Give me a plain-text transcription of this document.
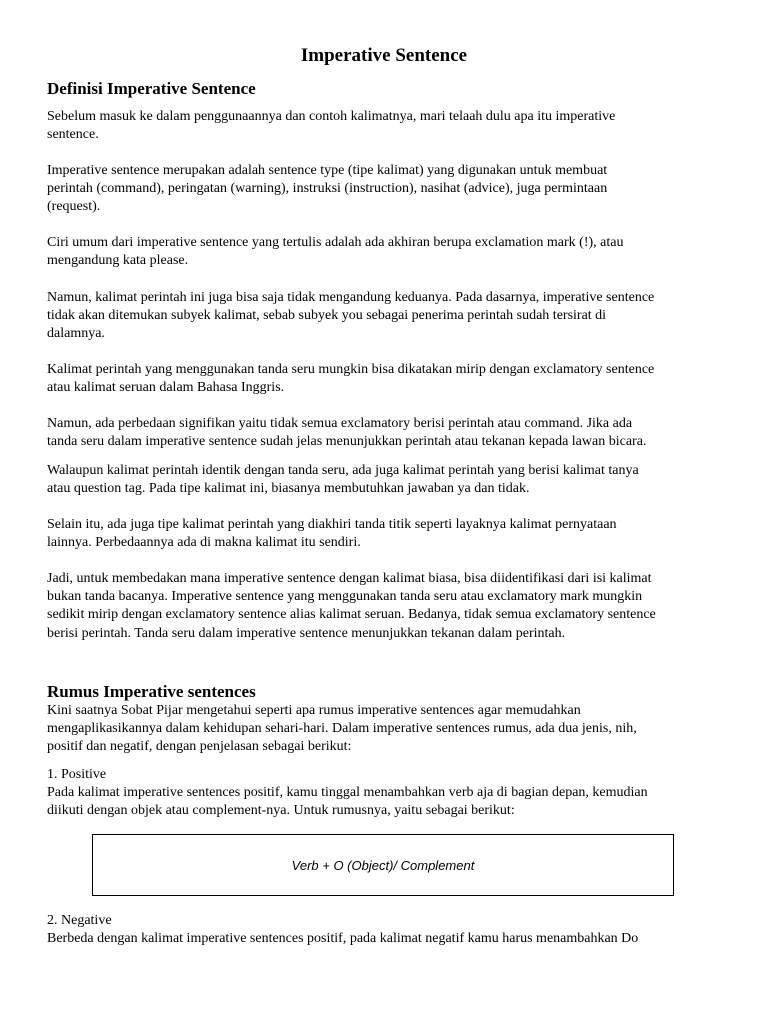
Imperative Sentence
Definisi Imperative Sentence
Sebelum masuk ke dalam penggunaannya dan contoh kalimatnya, mari telaah dulu apa itu imperative
sentence.
Imperative sentence merupakan adalah sentence type (tipe kalimat) yang digunakan untuk membuat
perintah (command), peringatan (warning), instruksi (instruction), nasihat (advice), juga permintaan
(request).
Ciri umum dari imperative sentence yang tertulis adalah ada akhiran berupa exclamation mark (!), atau
mengandung kata please.
Namun, kalimat perintah ini juga bisa saja tidak mengandung keduanya. Pada dasarnya, imperative sentence
tidak akan ditemukan subyek kalimat, sebab subyek you sebagai penerima perintah sudah tersirat di
dalamnya.
Kalimat perintah yang menggunakan tanda seru mungkin bisa dikatakan mirip dengan exclamatory sentence
atau kalimat seruan dalam Bahasa Inggris.
Namun, ada perbedaan signifikan yaitu tidak semua exclamatory berisi perintah atau command. Jika ada
tanda seru dalam imperative sentence sudah jelas menunjukkan perintah atau tekanan kepada lawan bicara.
Walaupun kalimat perintah identik dengan tanda seru, ada juga kalimat perintah yang berisi kalimat tanya
atau question tag. Pada tipe kalimat ini, biasanya membutuhkan jawaban ya dan tidak.
Selain itu, ada juga tipe kalimat perintah yang diakhiri tanda titik seperti layaknya kalimat pernyataan
lainnya. Perbedaannya ada di makna kalimat itu sendiri.
Jadi, untuk membedakan mana imperative sentence dengan kalimat biasa, bisa diidentifikasi dari isi kalimat
bukan tanda bacanya. Imperative sentence yang menggunakan tanda seru atau exclamatory mark mungkin
sedikit mirip dengan exclamatory sentence alias kalimat seruan. Bedanya, tidak semua exclamatory sentence
berisi perintah. Tanda seru dalam imperative sentence menunjukkan tekanan dalam perintah.
Rumus Imperative sentences
Kini saatnya Sobat Pijar mengetahui seperti apa rumus imperative sentences agar memudahkan
mengaplikasikannya dalam kehidupan sehari-hari. Dalam imperative sentences rumus, ada dua jenis, nih,
positif dan negatif, dengan penjelasan sebagai berikut:
1. Positive
Pada kalimat imperative sentences positif, kamu tinggal menambahkan verb aja di bagian depan, kemudian
diikuti dengan objek atau complement-nya. Untuk rumusnya, yaitu sebagai berikut:
Verb + O (Object)/ Complement
2. Negative
Berbeda dengan kalimat imperative sentences positif, pada kalimat negatif kamu harus menambahkan Do
